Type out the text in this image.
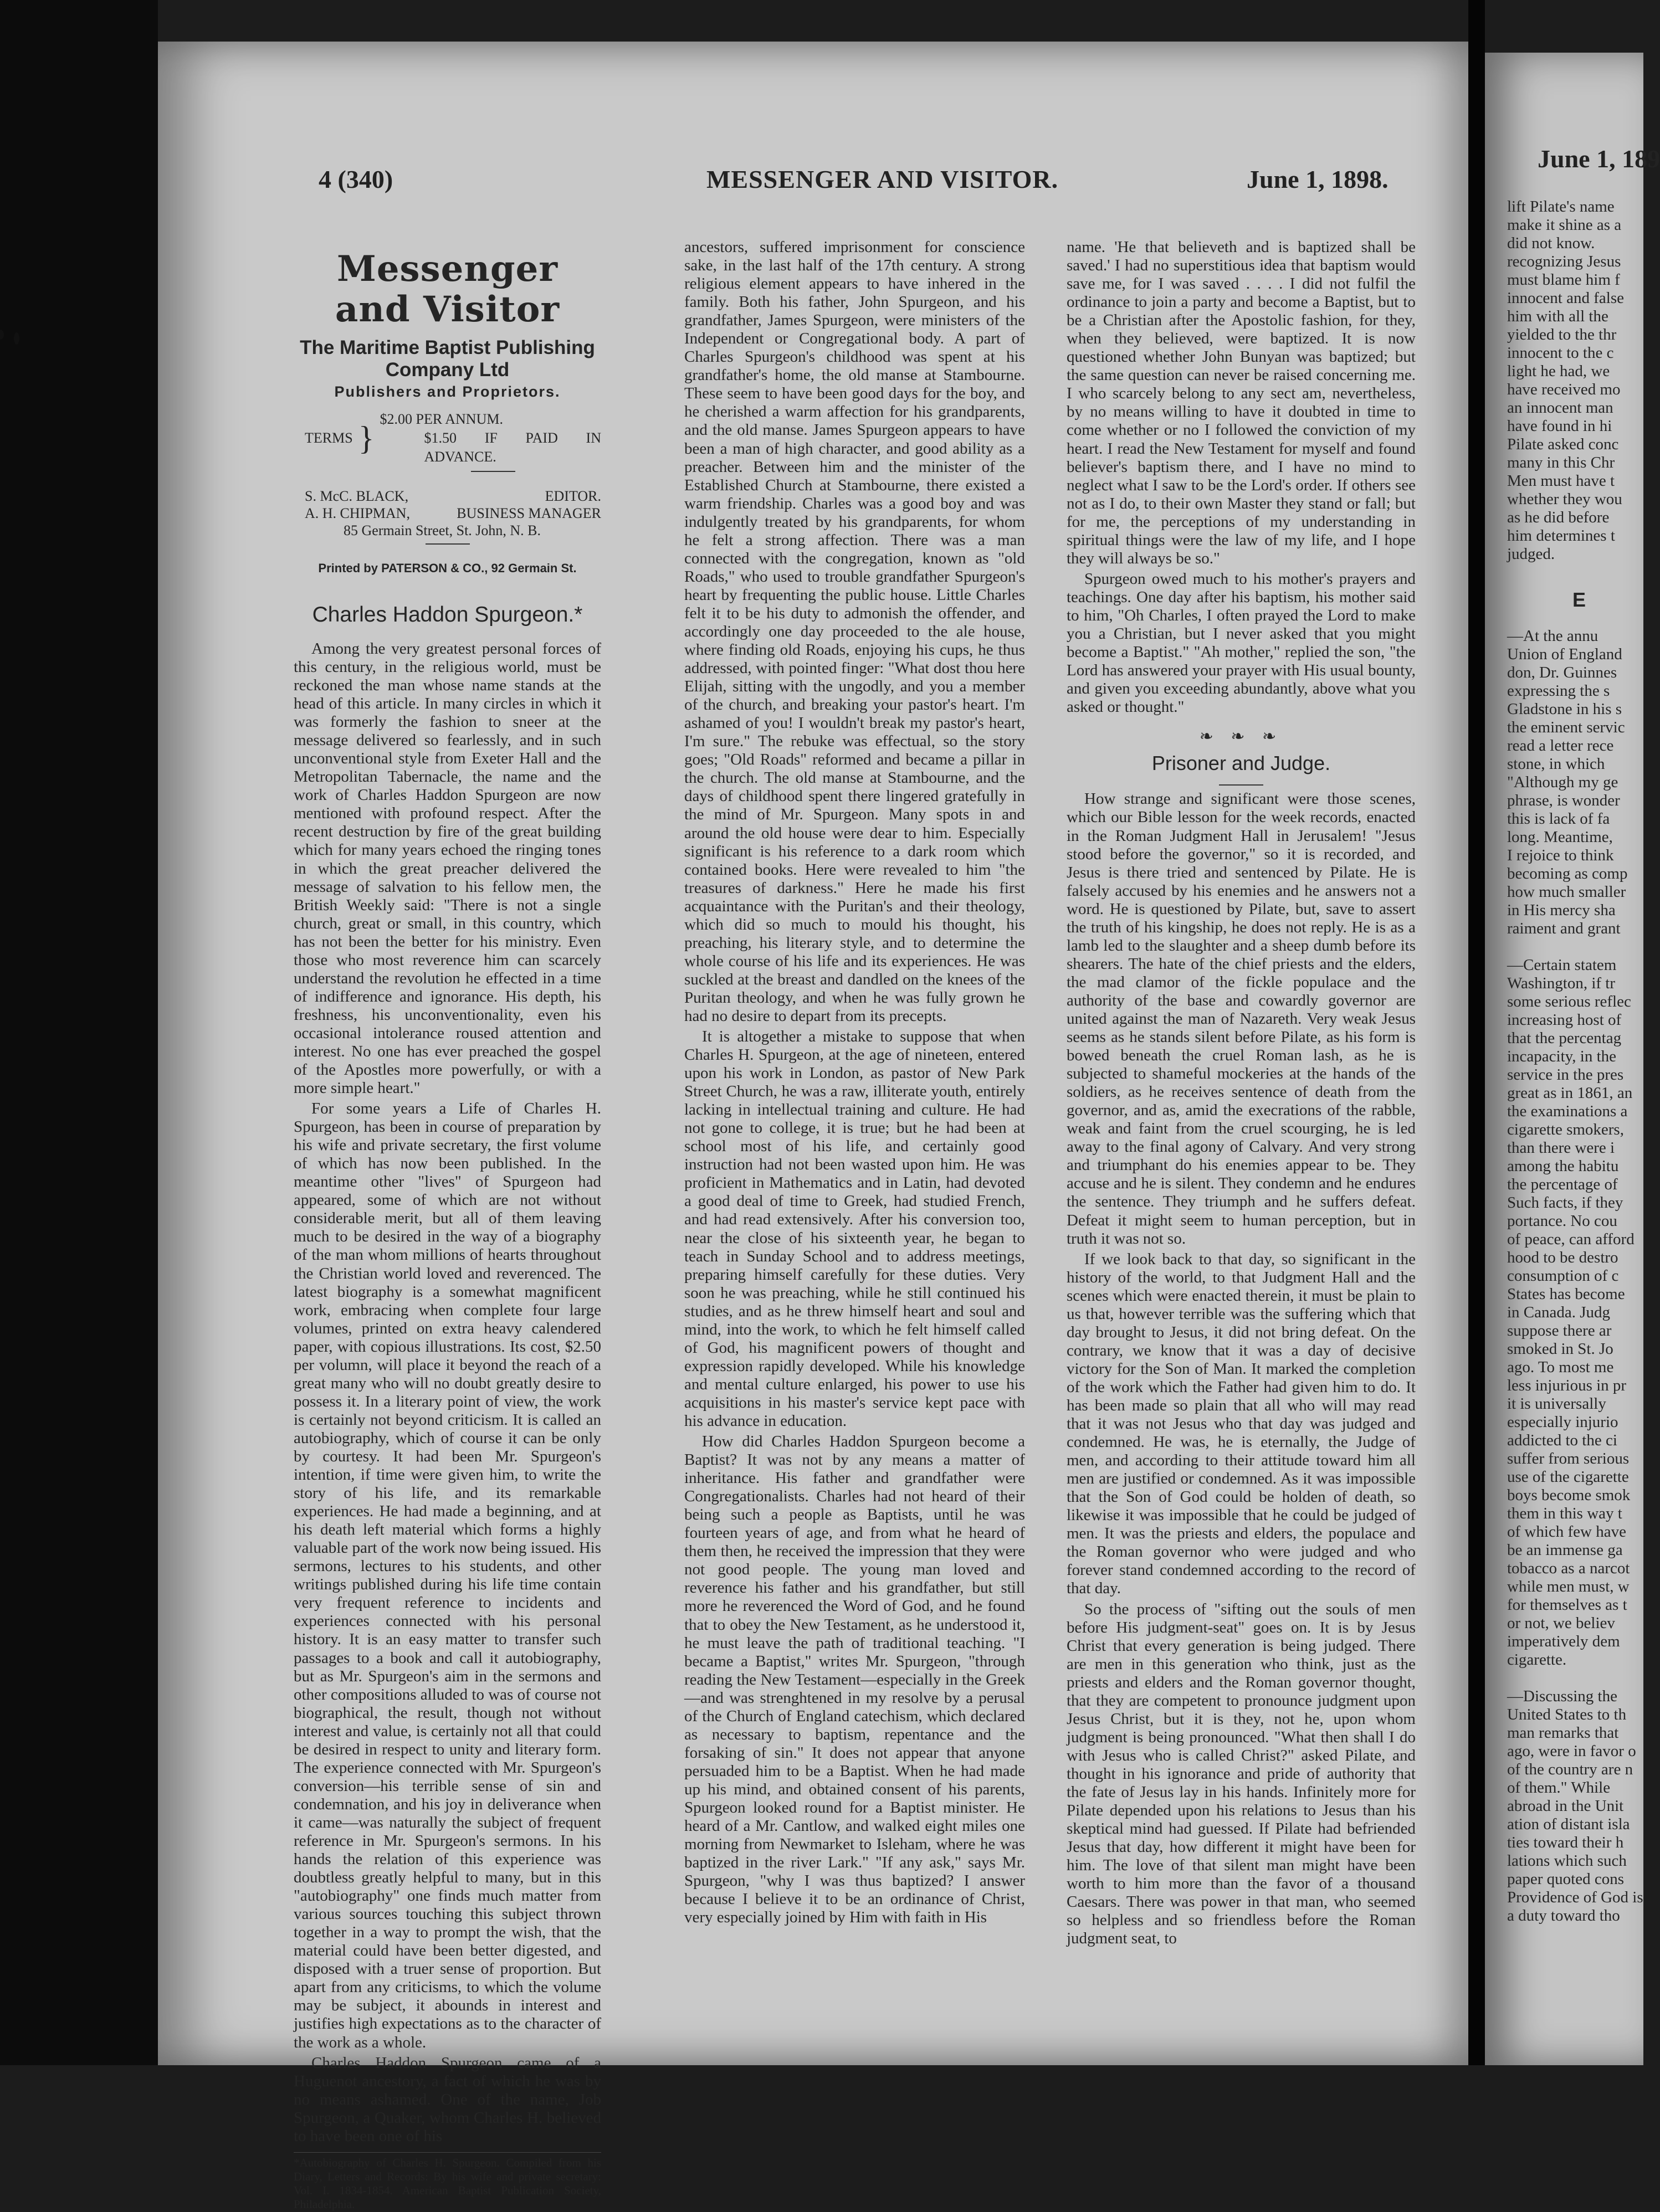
4 (340)	MESSENGER AND VISITOR.	June 1, 1898.
Messenger and Visitor
The Maritime Baptist Publishing Company Ltd
Publishers and Proprietors.
TERMS }
$2.00 PER ANNUM.
$1.50 IF PAID IN ADVANCE.
S. McC. BLACK,	EDITOR.
A. H. CHIPMAN,	BUSINESS MANAGER
85 Germain Street, St. John, N. B.
Printed by PATERSON & CO., 92 Germain St.
Charles Haddon Spurgeon.*

Among the very greatest personal forces of this century, in the religious world, must be reckoned the man whose name stands at the head of this article. In many circles in which it was formerly the fashion to sneer at the message delivered so fearlessly, and in such unconventional style from Exeter Hall and the Metropolitan Tabernacle, the name and the work of Charles Haddon Spurgeon are now mentioned with profound respect. After the recent destruction by fire of the great building which for many years echoed the ringing tones in which the great preacher delivered the message of salvation to his fellow men, the British Weekly said: "There is not a single church, great or small, in this country, which has not been the better for his ministry. Even those who most reverence him can scarcely understand the revolution he effected in a time of indifference and ignorance. His depth, his freshness, his unconventionality, even his occasional intolerance roused attention and interest. No one has ever preached the gospel of the Apostles more powerfully, or with a more simple heart."

For some years a Life of Charles H. Spurgeon, has been in course of preparation by his wife and private secretary, the first volume of which has now been published. In the meantime other "lives" of Spurgeon had appeared, some of which are not without considerable merit, but all of them leaving much to be desired in the way of a biography of the man whom millions of hearts throughout the Christian world loved and reverenced. The latest biography is a somewhat magnificent work, embracing when complete four large volumes, printed on extra heavy calendered paper, with copious illustrations. Its cost, $2.50 per volumn, will place it beyond the reach of a great many who will no doubt greatly desire to possess it. In a literary point of view, the work is certainly not beyond criticism. It is called an autobiography, which of course it can be only by courtesy. It had been Mr. Spurgeon's intention, if time were given him, to write the story of his life, and its remarkable experiences. He had made a beginning, and at his death left material which forms a highly valuable part of the work now being issued. His sermons, lectures to his students, and other writings published during his life time contain very frequent reference to incidents and experiences connected with his personal history. It is an easy matter to transfer such passages to a book and call it autobiography, but as Mr. Spurgeon's aim in the sermons and other compositions alluded to was of course not biographical, the result, though not without interest and value, is certainly not all that could be desired in respect to unity and literary form. The experience connected with Mr. Spurgeon's conversion—his terrible sense of sin and condemnation, and his joy in deliverance when it came—was naturally the subject of frequent reference in Mr. Spurgeon's sermons. In his hands the relation of this experience was doubtless greatly helpful to many, but in this "autobiography" one finds much matter from various sources touching this subject thrown together in a way to prompt the wish, that the material could have been better digested, and disposed with a truer sense of proportion. But apart from any criticisms, to which the volume may be subject, it abounds in interest and justifies high expectations as to the character of the work as a whole.

Charles Haddon Spurgeon came of a Huguenot ancestory, a fact of which he was by no means ashamed. One of the name, Job Spurgeon, a Quaker, whom Charles H. believed to have been one of his

*Autobiography of Charles H. Spurgeon. Compiled from his Diary, Letters and Records: By his wife and private secretary: Vol. I. 1834-1854. American Baptist Publication Society, Philadelphia.

ancestors, suffered imprisonment for conscience sake, in the last half of the 17th century. A strong religious element appears to have inhered in the family. Both his father, John Spurgeon, and his grandfather, James Spurgeon, were ministers of the Independent or Congregational body. A part of Charles Spurgeon's childhood was spent at his grandfather's home, the old manse at Stambourne. These seem to have been good days for the boy, and he cherished a warm affection for his grandparents, and the old manse. James Spurgeon appears to have been a man of high character, and good ability as a preacher. Between him and the minister of the Established Church at Stambourne, there existed a warm friendship. Charles was a good boy and was indulgently treated by his grandparents, for whom he felt a strong affection. There was a man connected with the congregation, known as "old Roads," who used to trouble grandfather Spurgeon's heart by frequenting the public house. Little Charles felt it to be his duty to admonish the offender, and accordingly one day proceeded to the ale house, where finding old Roads, enjoying his cups, he thus addressed, with pointed finger: "What dost thou here Elijah, sitting with the ungodly, and you a member of the church, and breaking your pastor's heart. I'm ashamed of you! I wouldn't break my pastor's heart, I'm sure." The rebuke was effectual, so the story goes; "Old Roads" reformed and became a pillar in the church. The old manse at Stambourne, and the days of childhood spent there lingered gratefully in the mind of Mr. Spurgeon. Many spots in and around the old house were dear to him. Especially significant is his reference to a dark room which contained books. Here were revealed to him "the treasures of darkness." Here he made his first acquaintance with the Puritan's and their theology, which did so much to mould his thought, his preaching, his literary style, and to determine the whole course of his life and its experiences. He was suckled at the breast and dandled on the knees of the Puritan theology, and when he was fully grown he had no desire to depart from its precepts.

It is altogether a mistake to suppose that when Charles H. Spurgeon, at the age of nineteen, entered upon his work in London, as pastor of New Park Street Church, he was a raw, illiterate youth, entirely lacking in intellectual training and culture. He had not gone to college, it is true; but he had been at school most of his life, and certainly good instruction had not been wasted upon him. He was proficient in Mathematics and in Latin, had devoted a good deal of time to Greek, had studied French, and had read extensively. After his conversion too, near the close of his sixteenth year, he began to teach in Sunday School and to address meetings, preparing himself carefully for these duties. Very soon he was preaching, while he still continued his studies, and as he threw himself heart and soul and mind, into the work, to which he felt himself called of God, his magnificent powers of thought and expression rapidly developed. While his knowledge and mental culture enlarged, his power to use his acquisitions in his master's service kept pace with his advance in education.

How did Charles Haddon Spurgeon become a Baptist? It was not by any means a matter of inheritance. His father and grandfather were Congregationalists. Charles had not heard of their being such a people as Baptists, until he was fourteen years of age, and from what he heard of them then, he received the impression that they were not good people. The young man loved and reverence his father and his grandfather, but still more he reverenced the Word of God, and he found that to obey the New Testament, as he understood it, he must leave the path of traditional teaching. "I became a Baptist," writes Mr. Spurgeon, "through reading the New Testament—especially in the Greek—and was strenghtened in my resolve by a perusal of the Church of England catechism, which declared as necessary to baptism, repentance and the forsaking of sin." It does not appear that anyone persuaded him to be a Baptist. When he had made up his mind, and obtained consent of his parents, Spurgeon looked round for a Baptist minister. He heard of a Mr. Cantlow, and walked eight miles one morning from Newmarket to Isleham, where he was baptized in the river Lark." "If any ask," says Mr. Spurgeon, "why I was thus baptized? I answer because I believe it to be an ordinance of Christ, very especially joined by Him with faith in His

name. 'He that believeth and is baptized shall be saved.' I had no superstitious idea that baptism would save me, for I was saved . . . . I did not fulfil the ordinance to join a party and become a Baptist, but to be a Christian after the Apostolic fashion, for they, when they believed, were baptized. It is now questioned whether John Bunyan was baptized; but the same question can never be raised concerning me. I who scarcely belong to any sect am, nevertheless, by no means willing to have it doubted in time to come whether or no I followed the conviction of my heart. I read the New Testament for myself and found believer's baptism there, and I have no mind to neglect what I saw to be the Lord's order. If others see not as I do, to their own Master they stand or fall; but for me, the perceptions of my understanding in spiritual things were the law of my life, and I hope they will always be so."

Spurgeon owed much to his mother's prayers and teachings. One day after his baptism, his mother said to him, "Oh Charles, I often prayed the Lord to make you a Christian, but I never asked that you might become a Baptist." "Ah mother," replied the son, "the Lord has answered your prayer with His usual bounty, and given you exceeding abundantly, above what you asked or thought."

❧ ❧ ❧
Prisoner and Judge.

How strange and significant were those scenes, which our Bible lesson for the week records, enacted in the Roman Judgment Hall in Jerusalem! "Jesus stood before the governor," so it is recorded, and Jesus is there tried and sentenced by Pilate. He is falsely accused by his enemies and he answers not a word. He is questioned by Pilate, but, save to assert the truth of his kingship, he does not reply. He is as a lamb led to the slaughter and a sheep dumb before its shearers. The hate of the chief priests and the elders, the mad clamor of the fickle populace and the authority of the base and cowardly governor are united against the man of Nazareth. Very weak Jesus seems as he stands silent before Pilate, as his form is bowed beneath the cruel Roman lash, as he is subjected to shameful mockeries at the hands of the soldiers, as he receives sentence of death from the governor, and as, amid the execrations of the rabble, weak and faint from the cruel scourging, he is led away to the final agony of Calvary. And very strong and triumphant do his enemies appear to be. They accuse and he is silent. They condemn and he endures the sentence. They triumph and he suffers defeat. Defeat it might seem to human perception, but in truth it was not so.

If we look back to that day, so significant in the history of the world, to that Judgment Hall and the scenes which were enacted therein, it must be plain to us that, however terrible was the suffering which that day brought to Jesus, it did not bring defeat. On the contrary, we know that it was a day of decisive victory for the Son of Man. It marked the completion of the work which the Father had given him to do. It has been made so plain that all who will may read that it was not Jesus who that day was judged and condemned. He was, he is eternally, the Judge of men, and according to their attitude toward him all men are justified or condemned. As it was impossible that the Son of God could be holden of death, so likewise it was impossible that he could be judged of men. It was the priests and elders, the populace and the Roman governor who were judged and who forever stand condemned according to the record of that day.

So the process of "sifting out the souls of men before His judgment-seat" goes on. It is by Jesus Christ that every generation is being judged. There are men in this generation who think, just as the priests and elders and the Roman governor thought, that they are competent to pronounce judgment upon Jesus Christ, but it is they, not he, upon whom judgment is being pronounced. "What then shall I do with Jesus who is called Christ?" asked Pilate, and thought in his ignorance and pride of authority that the fate of Jesus lay in his hands. Infinitely more for Pilate depended upon his relations to Jesus than his skeptical mind had guessed. If Pilate had befriended Jesus that day, how different it might have been for him. The love of that silent man might have been worth to him more than the favor of a thousand Caesars. There was power in that man, who seemed so helpless and so friendless before the Roman judgment seat, to

June 1, 189
lift Pilate's name
make it shine as a
did not know.
recognizing Jesus
must blame him f
innocent and false
him with all the
yielded to the thr
innocent to the c
light he had, we
have received mo
an innocent man
have found in hi
Pilate asked conc
many in this Chr
Men must have t
whether they wou
as he did before
him determines t
judged.
E
—At the annu
Union of England
don, Dr. Guinnes
expressing the s
Gladstone in his s
the eminent servic
read a letter rece
stone, in which
"Although my ge
phrase, is wonder
this is lack of fa
long. Meantime,
I rejoice to think
becoming as comp
how much smaller
in His mercy sha
raiment and grant
—Certain statem
Washington, if tr
some serious reflec
increasing host of
that the percentag
incapacity, in the
service in the pres
great as in 1861, an
the examinations a
cigarette smokers,
than there were i
among the habitu
the percentage of
Such facts, if they
portance. No cou
of peace, can afford
hood to be destro
consumption of c
States has become
in Canada. Judg
suppose there ar
smoked in St. Jo
ago. To most me
less injurious in pr
it is universally
especially injurio
addicted to the ci
suffer from serious
use of the cigarette
boys become smok
them in this way t
of which few have
be an immense ga
tobacco as a narcot
while men must, w
for themselves as t
or not, we believ
imperatively dem
cigarette.
—Discussing the
United States to th
man remarks that
ago, were in favor o
of the country are n
of them." While
abroad in the Unit
ation of distant isla
ties toward their h
lations which such
paper quoted cons
Providence of God is
a duty toward tho
